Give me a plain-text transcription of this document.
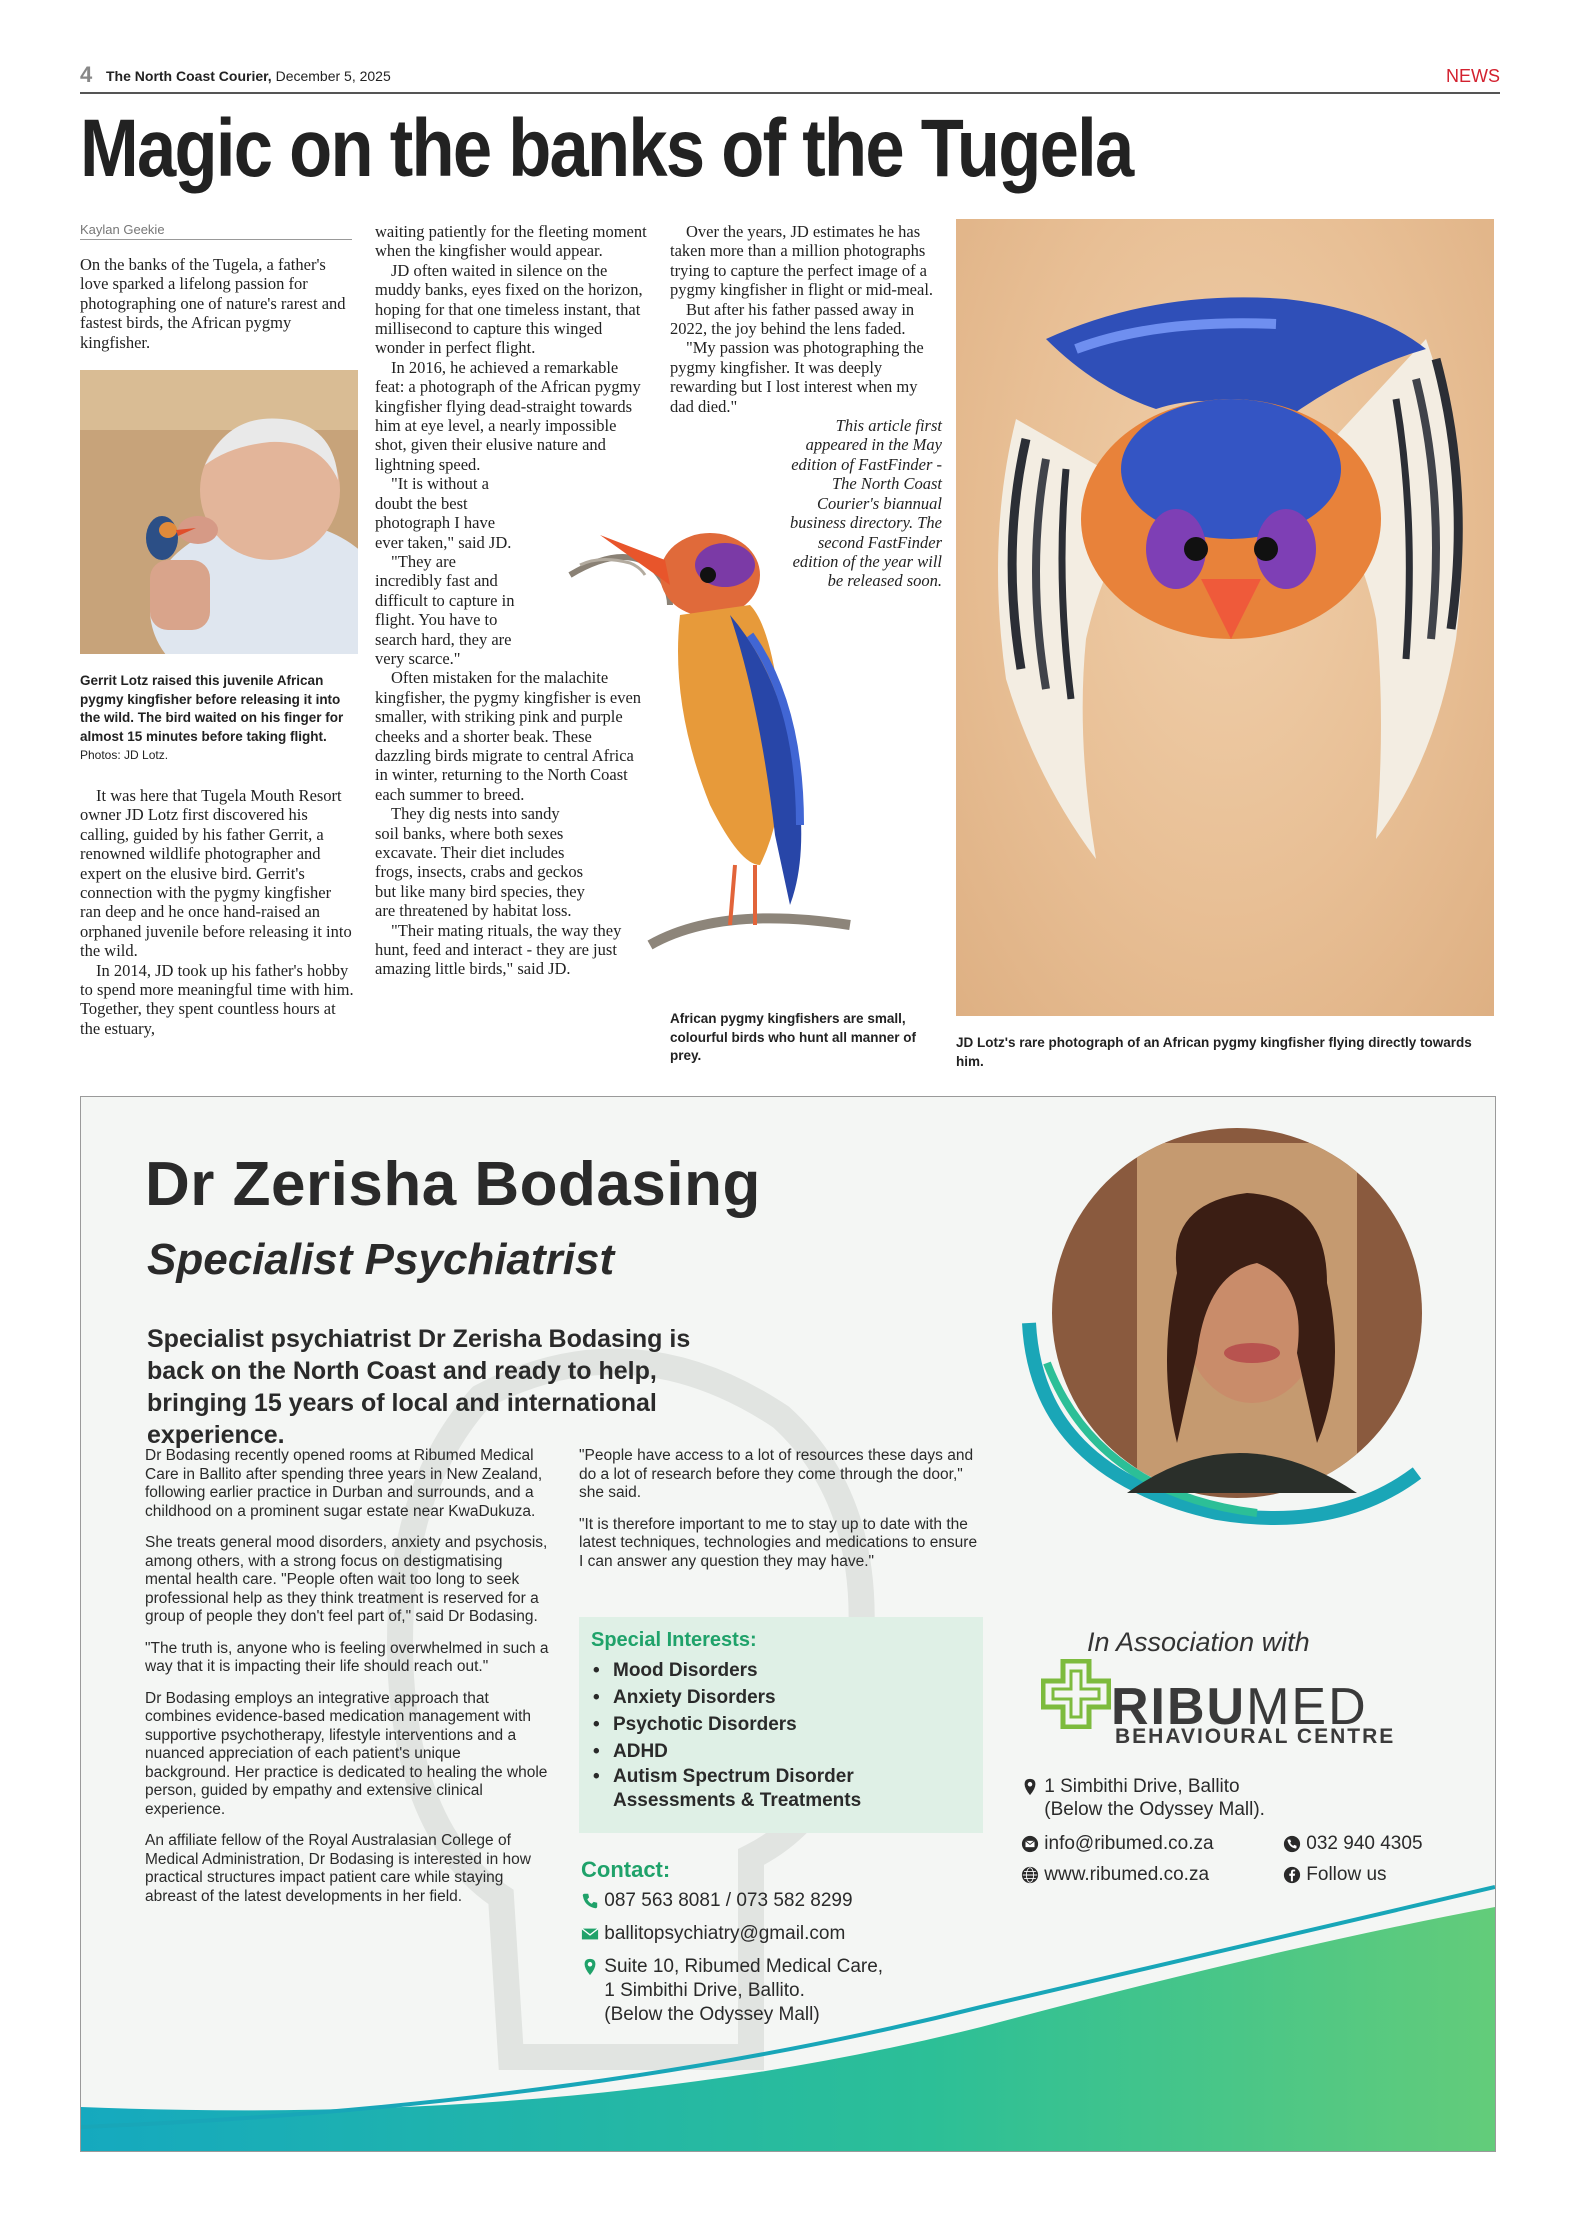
4 The North Coast Courier, December 5, 2025	NEWS
Magic on the banks of the Tugela
Kaylan Geekie

On the banks of the Tugela, a father's love sparked a lifelong passion for photographing one of nature's rarest and fastest birds, the African pygmy kingfisher.

Gerrit Lotz raised this juvenile African pygmy kingfisher before releasing it into the wild. The bird waited on his finger for almost 15 minutes before taking flight. Photos: JD Lotz.

It was here that Tugela Mouth Resort owner JD Lotz first discovered his calling, guided by his father Gerrit, a renowned wildlife photographer and expert on the elusive bird. Gerrit's connection with the pygmy kingfisher ran deep and he once hand-raised an orphaned juvenile before releasing it into the wild.

In 2014, JD took up his father's hobby to spend more meaningful time with him. Together, they spent countless hours at the estuary,

waiting patiently for the fleeting moment when the kingfisher would appear.

JD often waited in silence on the muddy banks, eyes fixed on the horizon, hoping for that one timeless instant, that millisecond to capture this winged wonder in perfect flight.

In 2016, he achieved a remarkable feat: a photograph of the African pygmy kingfisher flying dead-straight towards him at eye level, a nearly impossible shot, given their elusive nature and lightning speed.

"It is without a doubt the best photograph I have ever taken," said JD.

"They are incredibly fast and difficult to capture in flight. You have to search hard, they are very scarce."

Often mistaken for the malachite kingfisher, the pygmy kingfisher is even smaller, with striking pink and purple cheeks and a shorter beak. These dazzling birds migrate to central Africa in winter, returning to the North Coast each summer to breed.

They dig nests into sandy soil banks, where both sexes excavate. Their diet includes frogs, insects, crabs and geckos but like many bird species, they are threatened by habitat loss.

"Their mating rituals, the way they hunt, feed and interact - they are just amazing little birds," said JD.

Over the years, JD estimates he has taken more than a million photographs trying to capture the perfect image of a pygmy kingfisher in flight or mid-meal.

But after his father passed away in 2022, the joy behind the lens faded.

"My passion was photographing the pygmy kingfisher. It was deeply rewarding but I lost interest when my dad died."

This article first appeared in the May edition of FastFinder - The North Coast Courier's biannual business directory. The second FastFinder edition of the year will be released soon.

African pygmy kingfishers are small, colourful birds who hunt all manner of prey.
JD Lotz's rare photograph of an African pygmy kingfisher flying directly towards him.
Dr Zerisha Bodasing
Specialist Psychiatrist
Specialist psychiatrist Dr Zerisha Bodasing is back on the North Coast and ready to help, bringing 15 years of local and international experience.

Dr Bodasing recently opened rooms at Ribumed Medical Care in Ballito after spending three years in New Zealand, following earlier practice in Durban and surrounds, and a childhood on a prominent sugar estate near KwaDukuza.

She treats general mood disorders, anxiety and psychosis, among others, with a strong focus on destigmatising mental health care. "People often wait too long to seek professional help as they think treatment is reserved for a group of people they don't feel part of," said Dr Bodasing.

"The truth is, anyone who is feeling overwhelmed in such a way that it is impacting their life should reach out."

Dr Bodasing employs an integrative approach that combines evidence-based medication management with supportive psychotherapy, lifestyle interventions and a nuanced appreciation of each patient's unique background. Her practice is dedicated to healing the whole person, guided by empathy and extensive clinical experience.

An affiliate fellow of the Royal Australasian College of Medical Administration, Dr Bodasing is interested in how practical structures impact patient care while staying abreast of the latest developments in her field.

"People have access to a lot of resources these days and do a lot of research before they come through the door," she said.

"It is therefore important to me to stay up to date with the latest techniques, technologies and medications to ensure I can answer any question they may have."

Special Interests:
• Mood Disorders
• Anxiety Disorders
• Psychotic Disorders
• ADHD
• Autism Spectrum Disorder Assessments & Treatments
Contact:
087 563 8081 / 073 582 8299
ballitopsychiatry@gmail.com

Suite 10, Ribumed Medical Care,
1 Simbithi Drive, Ballito.
(Below the Odyssey Mall)
In Association with
RIBUMED
BEHAVIOURAL CENTRE

1 Simbithi Drive, Ballito
(Below the Odyssey Mall).
info@ribumed.co.za	032 940 4305
www.ribumed.co.za	Follow us
